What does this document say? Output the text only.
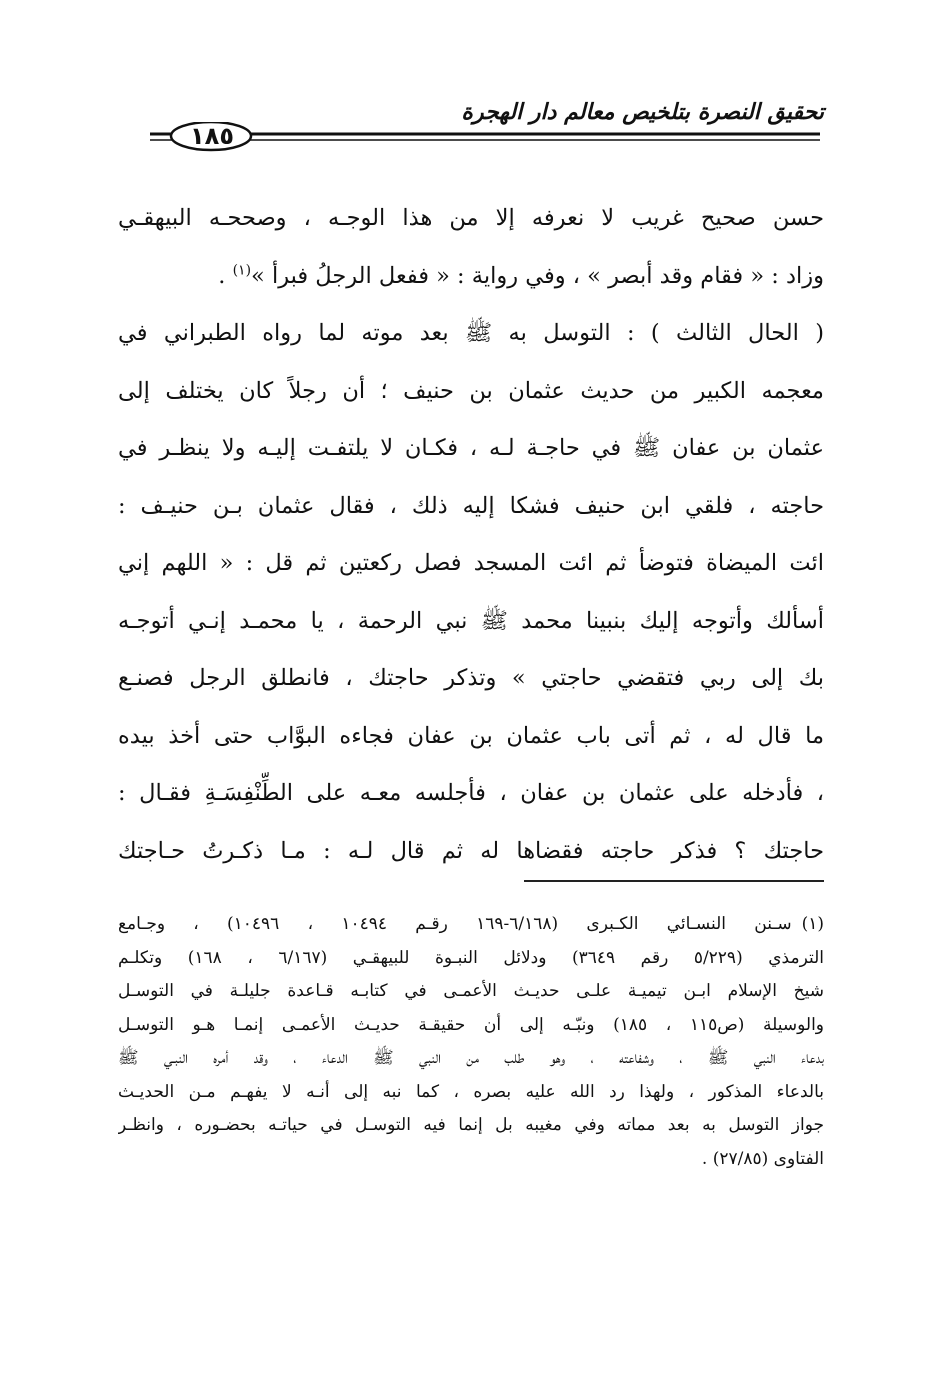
تحقيق النصرة بتلخيص معالم دار الهجرة
١٨٥
حسن صحيح غريب لا نعرفه إلا من هذا الوجـه ، وصححـه البيهقـي
وزاد : « فقام وقد أبصر » ، وفي رواية : « ففعل الرجلُ فبرأ »$^{(١)}$ .
( الحال الثالث ) : التوسل به ﷺ بعد موته لما رواه الطبراني في
معجمه الكبير من حديث عثمان بن حنيف ؛ أن رجلاً كان يختلف إلى
عثمان بن عفان ﷺ في حاجـة لـه ، فكـان لا يلتفـت إليـه ولا ينظـر في
حاجته ، فلقي ابن حنيف فشكا إليه ذلك ، فقال عثمان بـن حنيـف :
ائت الميضاة فتوضأ ثم ائت المسجد فصل ركعتين ثم قل : « اللهم إني
أسألك وأتوجه إليك بنبينا محمد ﷺ نبي الرحمة ، يا محمـد إنـي أتوجـه
بك إلى ربي فتقضي حاجتي » وتذكر حاجتك ، فانطلق الرجل فصنـع
ما قال له ، ثم أتى باب عثمان بن عفان فجاءه البوَّاب حتى أخذ بيده
، فأدخله على عثمان بن عفان ، فأجلسه معـه على الطِّنْفِسَـةِ فقـال :
حاجتك ؟ فذكر حاجته فقضاها له ثم قال لـه : مـا ذكـرتُ حـاجتك
(١)سـنن النسـائي الكـبرى (٦/١٦٨-١٦٩ رقـم ١٠٤٩٤ ، ١٠٤٩٦) ، وجـامع
الترمذي (٥/٢٢٩ رقم ٣٦٤٩) ودلائل النبـوة للبيهقـي (٦/١٦٧ ، ١٦٨) وتكلـم
شيخ الإسلام ابـن تيميـة علـى حديـث الأعمـى في كتابـه قـاعدة جليلـة في التوسـل
والوسيلة (ص١١٥ ، ١٨٥) ونبّـه إلى أن حقيقـة حديـث الأعمـى إنمـا هـو التوسـل
بدعاء النبي ﷺ ، وشفاعته ، وهو طلب من النبي ﷺ الدعاء ، وقد أمره النبـي ﷺ
بالدعاء المذكور ، ولهذا رد الله عليه بصره ، كما نبه إلى أنـه لا يفهـم مـن الحديـث
جواز التوسل به بعد مماته وفي مغيبه بل إنما فيه التوسـل في حياتـه بحضـوره ، وانظـر
الفتاوى (٢٧/٨٥) .
